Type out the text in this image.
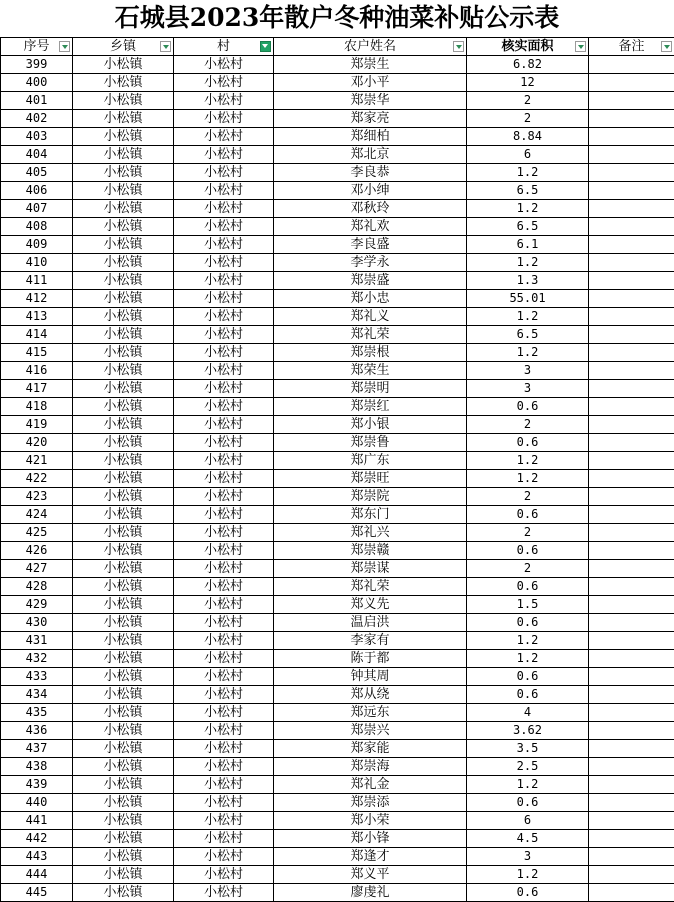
石城县2023年散户冬种油菜补贴公示表
序号	乡镇	村	农户姓名	核实面积	备注

399	小松镇	小松村	郑崇生	6.82	
400	小松镇	小松村	邓小平	12	
401	小松镇	小松村	郑崇华	2	
402	小松镇	小松村	郑家亮	2	
403	小松镇	小松村	郑细柏	8.84	
404	小松镇	小松村	郑北京	6	
405	小松镇	小松村	李良恭	1.2	
406	小松镇	小松村	邓小绅	6.5	
407	小松镇	小松村	邓秋玲	1.2	
408	小松镇	小松村	郑礼欢	6.5	
409	小松镇	小松村	李良盛	6.1	
410	小松镇	小松村	李学永	1.2	
411	小松镇	小松村	郑崇盛	1.3	
412	小松镇	小松村	郑小忠	55.01	
413	小松镇	小松村	郑礼义	1.2	
414	小松镇	小松村	郑礼荣	6.5	
415	小松镇	小松村	郑崇根	1.2	
416	小松镇	小松村	郑荣生	3	
417	小松镇	小松村	郑崇明	3	
418	小松镇	小松村	郑崇红	0.6	
419	小松镇	小松村	郑小银	2	
420	小松镇	小松村	郑崇鲁	0.6	
421	小松镇	小松村	郑广东	1.2	
422	小松镇	小松村	郑崇旺	1.2	
423	小松镇	小松村	郑崇院	2	
424	小松镇	小松村	郑东门	0.6	
425	小松镇	小松村	郑礼兴	2	
426	小松镇	小松村	郑崇赣	0.6	
427	小松镇	小松村	郑崇谋	2	
428	小松镇	小松村	郑礼荣	0.6	
429	小松镇	小松村	郑义先	1.5	
430	小松镇	小松村	温启洪	0.6	
431	小松镇	小松村	李家有	1.2	
432	小松镇	小松村	陈于都	1.2	
433	小松镇	小松村	钟其周	0.6	
434	小松镇	小松村	郑从绕	0.6	
435	小松镇	小松村	郑远东	4	
436	小松镇	小松村	郑崇兴	3.62	
437	小松镇	小松村	郑家能	3.5	
438	小松镇	小松村	郑崇海	2.5	
439	小松镇	小松村	郑礼金	1.2	
440	小松镇	小松村	郑崇添	0.6	
441	小松镇	小松村	郑小荣	6	
442	小松镇	小松村	郑小锋	4.5	
443	小松镇	小松村	郑逢才	3	
444	小松镇	小松村	郑义平	1.2	
445	小松镇	小松村	廖虔礼	0.6	
